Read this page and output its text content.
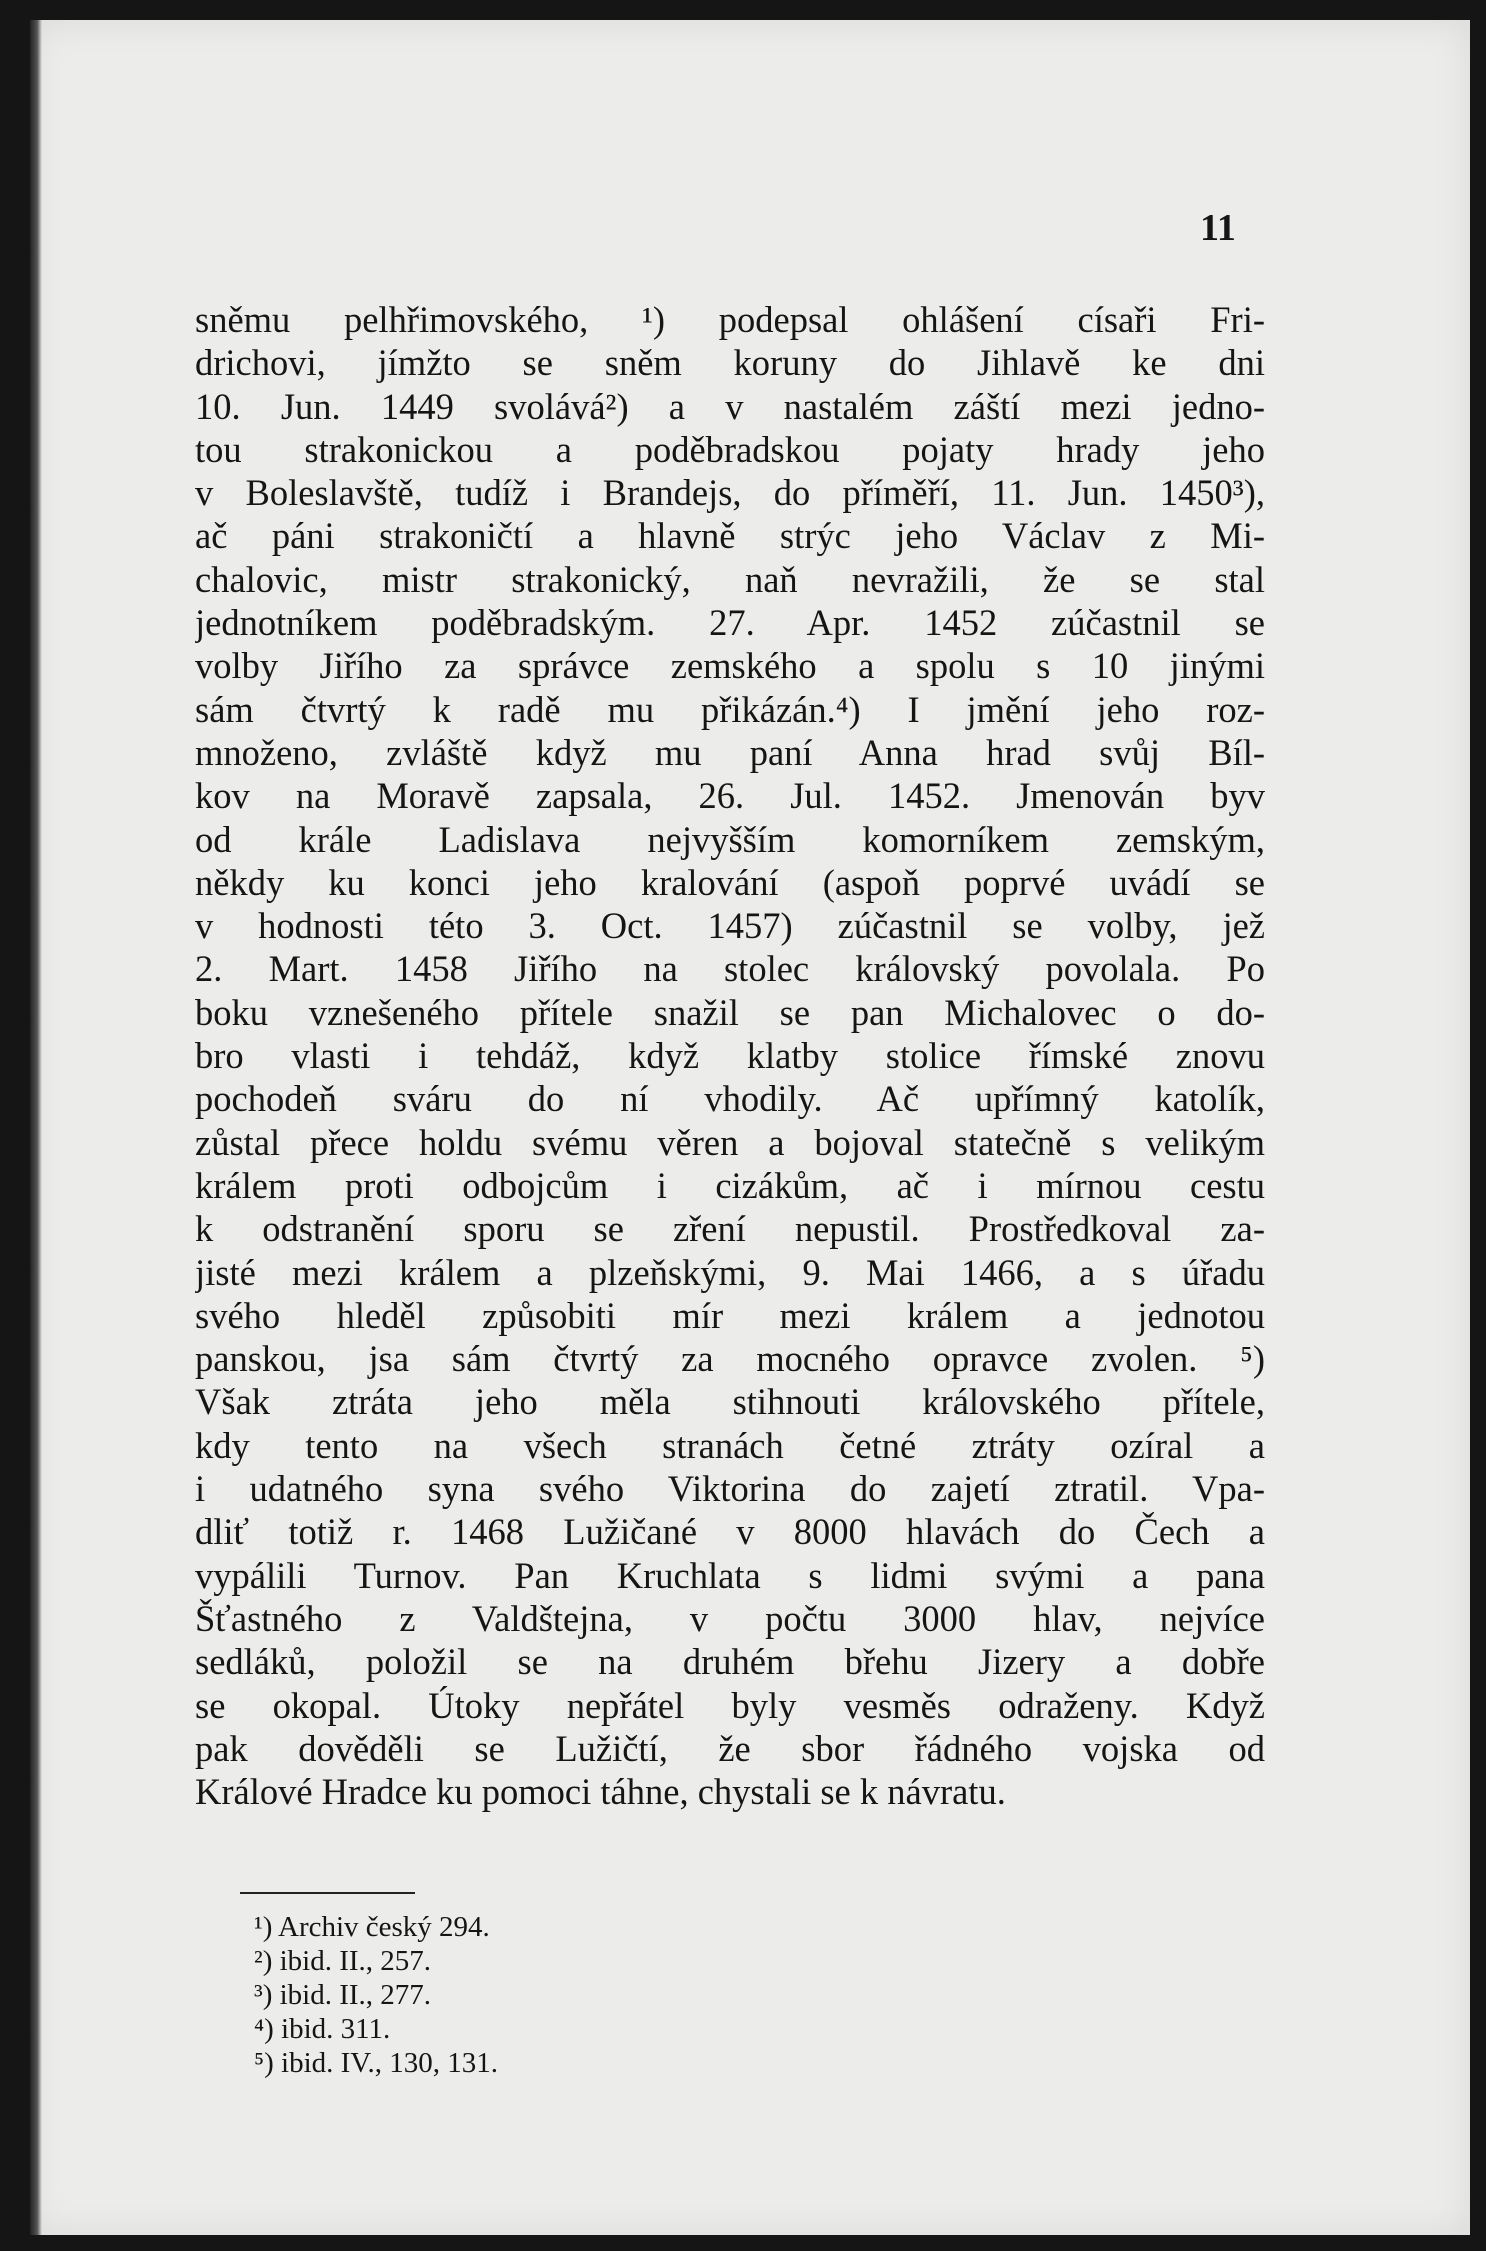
11
sněmu pelhřimovského, ¹) podepsal ohlášení císaři Fri-
drichovi, jímžto se sněm koruny do Jihlavě ke dni
10. Jun. 1449 svolává²) a v nastalém záští mezi jedno-
tou strakonickou a poděbradskou pojaty hrady jeho
v Boleslavště, tudíž i Brandejs, do příměří, 11. Jun. 1450³),
ač páni strakoničtí a hlavně strýc jeho Václav z Mi-
chalovic, mistr strakonický, naň nevražili, že se stal
jednotníkem poděbradským. 27. Apr. 1452 zúčastnil se
volby Jiřího za správce zemského a spolu s 10 jinými
sám čtvrtý k radě mu přikázán.⁴) I jmění jeho roz-
množeno, zvláště když mu paní Anna hrad svůj Bíl-
kov na Moravě zapsala, 26. Jul. 1452. Jmenován byv
od krále Ladislava nejvyšším komorníkem zemským,
někdy ku konci jeho kralování (aspoň poprvé uvádí se
v hodnosti této 3. Oct. 1457) zúčastnil se volby, jež
2. Mart. 1458 Jiřího na stolec královský povolala. Po
boku vznešeného přítele snažil se pan Michalovec o do-
bro vlasti i tehdáž, když klatby stolice římské znovu
pochodeň sváru do ní vhodily. Ač upřímný katolík,
zůstal přece holdu svému věren a bojoval statečně s velikým
králem proti odbojcům i cizákům, ač i mírnou cestu
k odstranění sporu se zření nepustil. Prostředkoval za-
jisté mezi králem a plzeňskými, 9. Mai 1466, a s úřadu
svého hleděl způsobiti mír mezi králem a jednotou
panskou, jsa sám čtvrtý za mocného opravce zvolen. ⁵)
Však ztráta jeho měla stihnouti královského přítele,
kdy tento na všech stranách četné ztráty ozíral a
i udatného syna svého Viktorina do zajetí ztratil. Vpa-
dliť totiž r. 1468 Lužičané v 8000 hlavách do Čech a
vypálili Turnov. Pan Kruchlata s lidmi svými a pana
Šťastného z Valdštejna, v počtu 3000 hlav, nejvíce
sedláků, položil se na druhém břehu Jizery a dobře
se okopal. Útoky nepřátel byly vesměs odraženy. Když
pak dověděli se Lužičtí, že sbor řádného vojska od
Králové Hradce ku pomoci táhne, chystali se k návratu.
¹) Archiv český 294.
²) ibid. II., 257.
³) ibid. II., 277.
⁴) ibid. 311.
⁵) ibid. IV., 130, 131.
